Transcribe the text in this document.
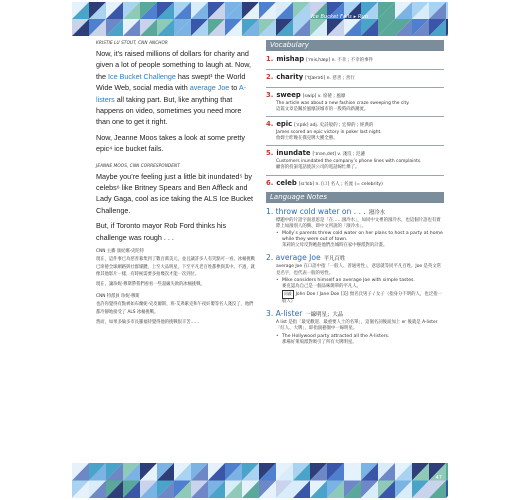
Ice Bucket Fails ▸ Run
KRISTIE LU STOUT, CNN ANCHOR

Now, it’s raised millions of dollars for charity and given a lot of people something to laugh at. Now, the Ice Bucket Challenge has swept¹ the World Wide Web, social media with average Joe to A-listers all taking part. But, like anything that happens on video, sometimes you need more than one to get it right.

Now, Jeanne Moos takes a look at some pretty epic⁴ ice bucket fails.

JEANNE MOOS, CNN CORRESPONDENT

Maybe you’re feeling just a little bit inundated⁵ by celebs⁶ like Britney Spears and Ben Affleck and Lady Gaga, cool as ice taking the ALS Ice Bucket Challenge.

But, if Toronto mayor Rob Ford thinks his challenge was rough . . .

CNN 主播 康紀娜·史陀特
現在，這件事已為慈善募集到了數百萬美元，並且讓許多人有笑點可一看。冰桶挑戰已席捲全球網路與社群媒體，上至大品明星、下至平凡老百姓都參與其中。不過，就像其他影片一樣，有時候需要多拍幾次才能一次到位。
現在，讓珍妮·穆斯帶我們看看一些超級失敗的冰桶挑戰。
CNN 特派員 珍妮·穆斯
也許你覺得有點被如布蘭妮·史皮爾斯、班·艾弗累克和午夜奷嬰等名人淺沒了，他們都冷靜地接受了 ALS 冰桶挑戰。
然而，如果多倫多市長羅福特覺得他的挑戰很辛苦……
Vocabulary
1. mishap [ˈmisˌhæp] n. 不幸 ; 不幸的事件
2. charity [ˈtʃærəti] n. 慈善 ; 善行
3. sweep [swip] v. 席捲 ; 風靡
The article was about a new fashion craze sweeping the city.
這篇文章是關於風靡該城市的一股時尚新潮流。
4. epic [ˈɛpɪk] adj. 史詩般的 ; 宏偉的 ; 經典的
James scored an epic victory in poker last night.
詹姆士昨晚在撲克牌大獲全勝。
5. inundate [ˈɪnənˌdet] v. 淺沒 ; 氾濾
Customers inundated the company’s phone lines with complaints.
顧客的投訴電話使該公司的電話線忙爆了。
6. celeb [sɪˈlɛb] n. [口] 名人 ; 名流 (= celebrity)
Language Notes
1. throw cold water on . . . 潑冷水
標題中的片語字面意思是「在……潑冷水」，如同中文裡的潑冷水，也這個片語也有實際上如潑別人的興、即中文所說的「潑冷水」。
• Molly’s parents threw cold water on her plans to host a party at home while they were out of town.
茉莉的父母反對她趁他們出城時在家中辦派對的計畫。
2. average Joe 平凡百姓
average Joe 在口語中指「一般人、普通男性」，意思就等同平凡百姓。Joe 是英文常見名字，也代表一般的男性。
• Mike considers himself an average Joe with simple tastes.
麥克認為自己是一個品味簡單的平凡人。
同義 John Doe / Jane Doe [美] 無名氏男子 / 女子（指身分不明的人，也泛指一般人）
3. A-lister 一線明星；大品
A list 是指「最受歡迎、最重要人士的名單」，這個名詞後面加上 er 後就是 A-lister「紅人、大牌」，即指演藝圈中一線明星。
• The Hollywood party attracted all the A-listers.
那場好萊塢派對吸引了所有大牌明星。
47
